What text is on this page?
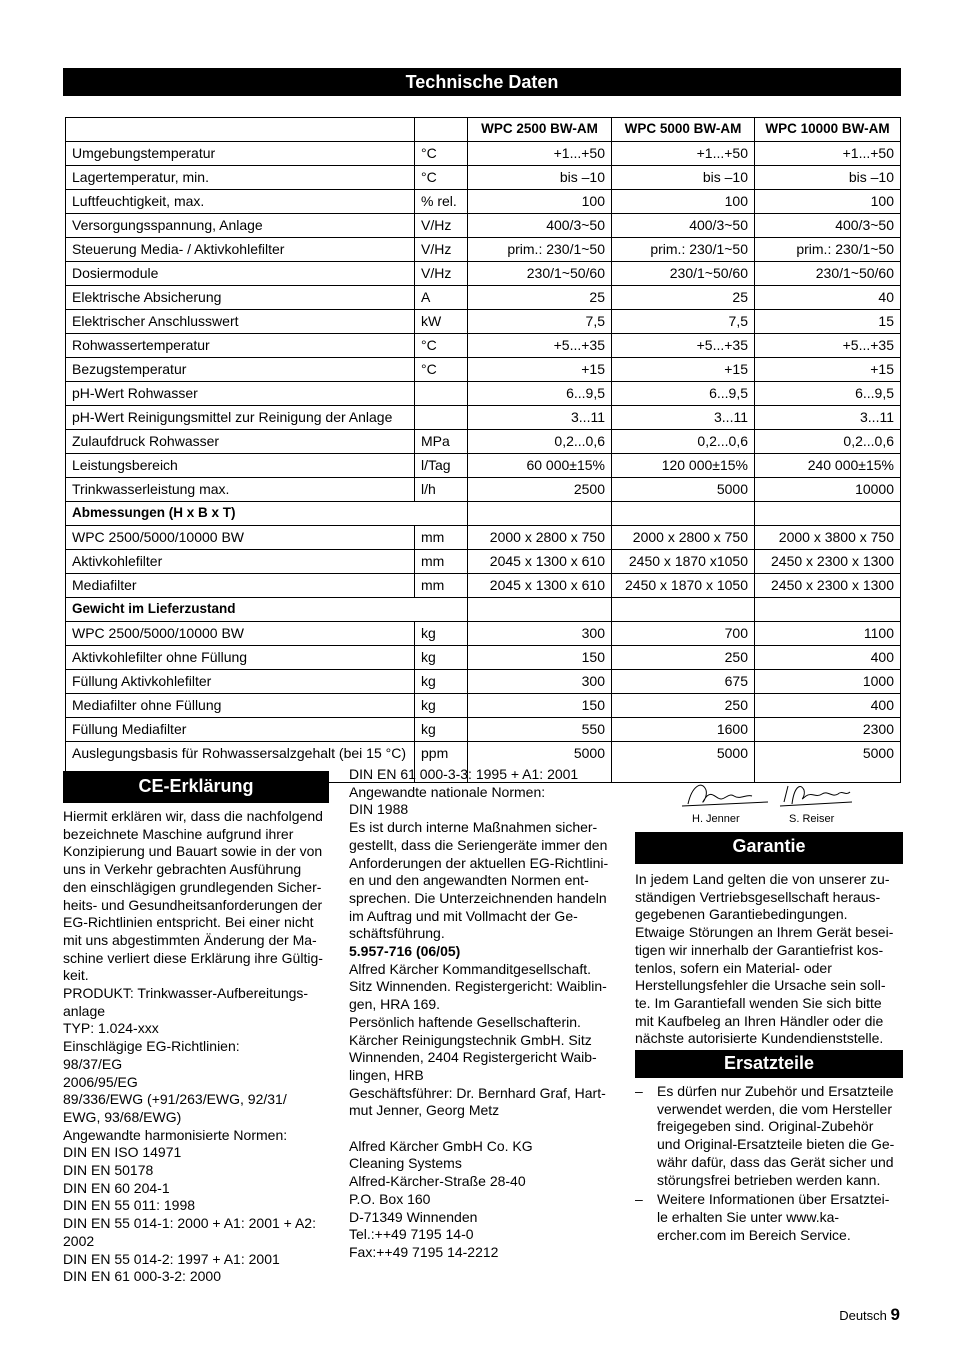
Technische Daten
		WPC 2500 BW-AM	WPC 5000 BW-AM	WPC 10000 BW-AM
Umgebungstemperatur	°C	+1...+50	+1...+50	+1...+50
Lagertemperatur, min.	°C	bis –10	bis –10	bis –10
Luftfeuchtigkeit, max.	% rel.	100	100	100
Versorgungsspannung, Anlage	V/Hz	400/3~50	400/3~50	400/3~50
Steuerung Media- / Aktivkohlefilter	V/Hz	prim.: 230/1~50	prim.: 230/1~50	prim.: 230/1~50
Dosiermodule	V/Hz	230/1~50/60	230/1~50/60	230/1~50/60
Elektrische Absicherung	A	25	25	40
Elektrischer Anschlusswert	kW	7,5	7,5	15
Rohwassertemperatur	°C	+5...+35	+5...+35	+5...+35
Bezugstemperatur	°C	+15	+15	+15
pH-Wert Rohwasser		6...9,5	6...9,5	6...9,5
pH-Wert Reinigungsmittel zur Reinigung der Anlage		3...11	3...11	3...11
Zulaufdruck Rohwasser	MPa	0,2...0,6	0,2...0,6	0,2...0,6
Leistungsbereich	l/Tag	60 000±15%	120 000±15%	240 000±15%
Trinkwasserleistung max.	l/h	2500	5000	10000
Abmessungen (H x B x T)				
WPC 2500/5000/10000 BW	mm	2000 x 2800 x 750	2000 x 2800 x 750	2000 x 3800 x 750
Aktivkohlefilter	mm	2045 x 1300 x 610	2450 x 1870 x1050	2450 x 2300 x 1300
Mediafilter	mm	2045 x 1300 x 610	2450 x 1870 x 1050	2450 x 2300 x 1300
Gewicht im Lieferzustand				
WPC 2500/5000/10000 BW	kg	300	700	1100
Aktivkohlefilter ohne Füllung	kg	150	250	400
Füllung Aktivkohlefilter	kg	300	675	1000
Mediafilter ohne Füllung	kg	150	250	400
Füllung Mediafilter	kg	550	1600	2300
Auslegungsbasis für Rohwassersalzgehalt (bei 15 °C)	ppm	5000	5000	5000
CE-Erklärung

Hiermit erklären wir, dass die nachfolgend

bezeichnete Maschine aufgrund ihrer

Konzipierung und Bauart sowie in der von

uns in Verkehr gebrachten Ausführung

den einschlägigen grundlegenden Sicher-

heits- und Gesundheitsanforderungen der

EG-Richtlinien entspricht. Bei einer nicht

mit uns abgestimmten Änderung der Ma-

schine verliert diese Erklärung ihre Gültig-

keit.

PRODUKT: Trinkwasser-Aufbereitungs-

anlage

TYP: 1.024-xxx

Einschlägige EG-Richtlinien:

98/37/EG

2006/95/EG

89/336/EWG (+91/263/EWG, 92/31/

EWG, 93/68/EWG)

Angewandte harmonisierte Normen:

DIN EN ISO 14971

DIN EN 50178

DIN EN 60 204-1

DIN EN 55 011: 1998

DIN EN 55 014-1: 2000 + A1: 2001 + A2:

2002

DIN EN 55 014-2: 1997 + A1: 2001

DIN EN 61 000-3-2: 2000

DIN EN 61 000-3-3: 1995 + A1: 2001

Angewandte nationale Normen:

DIN 1988

Es ist durch interne Maßnahmen sicher-

gestellt, dass die Seriengeräte immer den

Anforderungen der aktuellen EG-Richtlini-

en und den angewandten Normen ent-

sprechen. Die Unterzeichnenden handeln

im Auftrag und mit Vollmacht der Ge-

schäftsführung.

5.957-716 (06/05)

Alfred Kärcher Kommanditgesellschaft.

Sitz Winnenden. Registergericht: Waiblin-

gen, HRA 169.

Persönlich haftende Gesellschafterin.

Kärcher Reinigungstechnik GmbH. Sitz

Winnenden, 2404 Registergericht Waib-

lingen, HRB

Geschäftsführer: Dr. Bernhard Graf, Hart-

mut Jenner, Georg Metz

Alfred Kärcher GmbH Co. KG

Cleaning Systems

Alfred-Kärcher-Straße 28-40

P.O. Box 160

D-71349 Winnenden

Tel.:++49 7195 14-0

Fax:++49 7195 14-2212

H. Jenner	S. Reiser
Garantie

In jedem Land gelten die von unserer zu-

ständigen Vertriebsgesellschaft heraus-

gegebenen Garantiebedingungen.

Etwaige Störungen an Ihrem Gerät besei-

tigen wir innerhalb der Garantiefrist kos-

tenlos, sofern ein Material- oder

Herstellungsfehler die Ursache sein soll-

te. Im Garantiefall wenden Sie sich bitte

mit Kaufbeleg an Ihren Händler oder die

nächste autorisierte Kundendienststelle.

Ersatzteile
– Es dürfen nur Zubehör und Ersatzteile

verwendet werden, die vom Hersteller

freigegeben sind. Original-Zubehör

und Original-Ersatzteile bieten die Ge-

währ dafür, dass das Gerät sicher und

störungsfrei betrieben werden kann.

– Weitere Informationen über Ersatztei-

le erhalten Sie unter www.ka-

ercher.com im Bereich Service.

Deutsch 9
